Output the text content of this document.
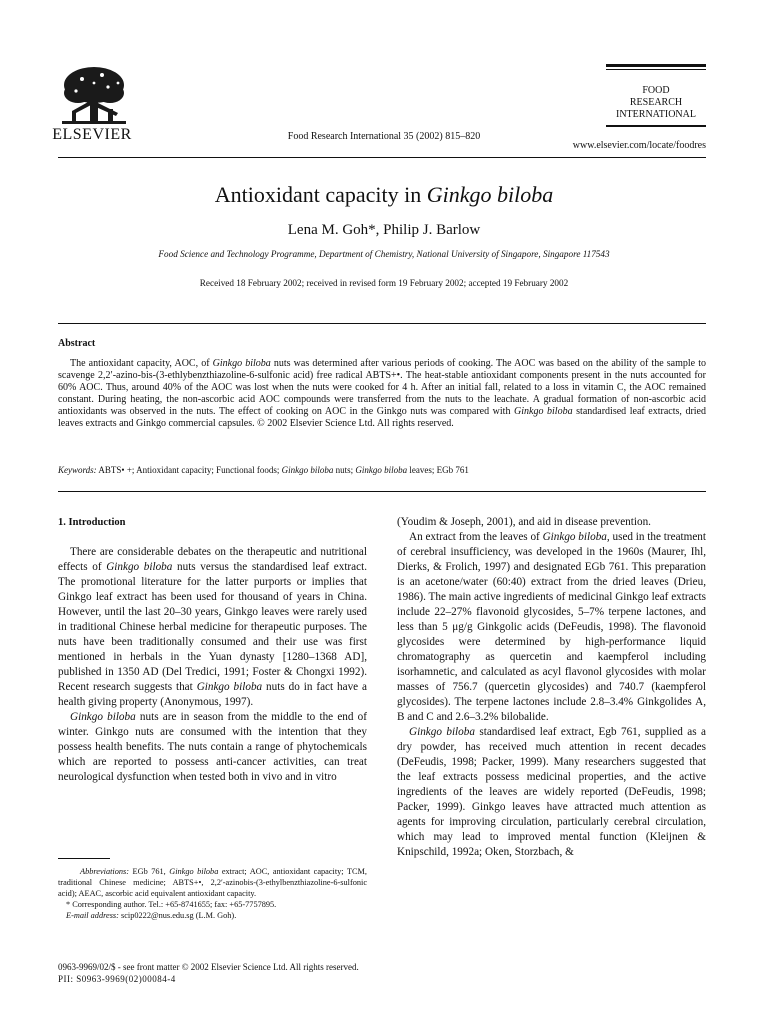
ELSEVIER	Food Research International 35 (2002) 815–820
FOOD
RESEARCH
INTERNATIONAL
www.elsevier.com/locate/foodres
Antioxidant capacity in Ginkgo biloba
Lena M. Goh*, Philip J. Barlow
Food Science and Technology Programme, Department of Chemistry, National University of Singapore, Singapore 117543
Received 18 February 2002; received in revised form 19 February 2002; accepted 19 February 2002
Abstract

The antioxidant capacity, AOC, of Ginkgo biloba nuts was determined after various periods of cooking. The AOC was based on the ability of the sample to scavenge 2,2′-azino-bis-(3-ethlybenzthiazoline-6-sulfonic acid) free radical ABTS+•. The heat-stable antioxidant components present in the nuts accounted for 60% AOC. Thus, around 40% of the AOC was lost when the nuts were cooked for 4 h. After an initial fall, related to a loss in vitamin C, the AOC remained constant. During heating, the non-ascorbic acid AOC compounds were transferred from the nuts to the leachate. A gradual formation of non-ascorbic acid antioxidants was observed in the nuts. The effect of cooking on AOC in the Ginkgo nuts was compared with Ginkgo biloba standardised leaf extracts, dried leaves extracts and Ginkgo commercial capsules. © 2002 Elsevier Science Ltd. All rights reserved.

Keywords: ABTS• +; Antioxidant capacity; Functional foods; Ginkgo biloba nuts; Ginkgo biloba leaves; EGb 761

1. Introduction

There are considerable debates on the therapeutic and nutritional effects of Ginkgo biloba nuts versus the standardised leaf extract. The promotional literature for the latter purports or implies that Ginkgo leaf extract has been used for thousand of years in China. However, until the last 20–30 years, Ginkgo leaves were rarely used in traditional Chinese herbal medicine for therapeutic purposes. The nuts have been traditionally consumed and their use was first mentioned in herbals in the Yuan dynasty [1280–1368 AD], published in 1350 AD (Del Tredici, 1991; Foster & Chongxi 1992). Recent research suggests that Ginkgo biloba nuts do in fact have a health giving property (Anonymous, 1997).

Ginkgo biloba nuts are in season from the middle to the end of winter. Ginkgo nuts are consumed with the intention that they possess health benefits. The nuts contain a range of phytochemicals which are reported to possess anti-cancer activities, can treat neurological dysfunction when tested both in vivo and in vitro

(Youdim & Joseph, 2001), and aid in disease prevention.

An extract from the leaves of Ginkgo biloba, used in the treatment of cerebral insufficiency, was developed in the 1960s (Maurer, Ihl, Dierks, & Frolich, 1997) and designated EGb 761. This preparation is an acetone/water (60:40) extract from the dried leaves (Drieu, 1986). The main active ingredients of medicinal Ginkgo leaf extracts include 22–27% flavonoid glycosides, 5–7% terpene lactones, and less than 5 μg/g Ginkgolic acids (DeFeudis, 1998). The flavonoid glycosides were determined by high-performance liquid chromatography as quercetin and kaempferol including isorhamnetic, and calculated as acyl flavonol glycosides with molar masses of 756.7 (quercetin glycosides) and 740.7 (kaempferol glycosides). The terpene lactones include 2.8–3.4% Ginkgolides A, B and C and 2.6–3.2% bilobalide.

Ginkgo biloba standardised leaf extract, Egb 761, supplied as a dry powder, has received much attention in recent decades (DeFeudis, 1998; Packer, 1999). Many researchers suggested that the leaf extracts possess medicinal properties, and the active ingredients of the leaves are widely reported (DeFeudis, 1998; Packer, 1999). Ginkgo leaves have attracted much attention as agents for improving circulation, particularly cerebral circulation, which may lead to improved mental function (Kleijnen & Knipschild, 1992a; Oken, Storzbach, &

Abbreviations: EGb 761, Ginkgo biloba extract; AOC, antioxidant capacity; TCM, traditional Chinese medicine; ABTS+•, 2,2′-azinobis-(3-ethylbenzthiazoline-6-sulfonic acid); AEAC, ascorbic acid equivalent antioxidant capacity.

* Corresponding author. Tel.: +65-8741655; fax: +65-7757895.

E-mail address: scip0222@nus.edu.sg (L.M. Goh).

0963-9969/02/$ - see front matter © 2002 Elsevier Science Ltd. All rights reserved.
PII: S0963-9969(02)00084-4
